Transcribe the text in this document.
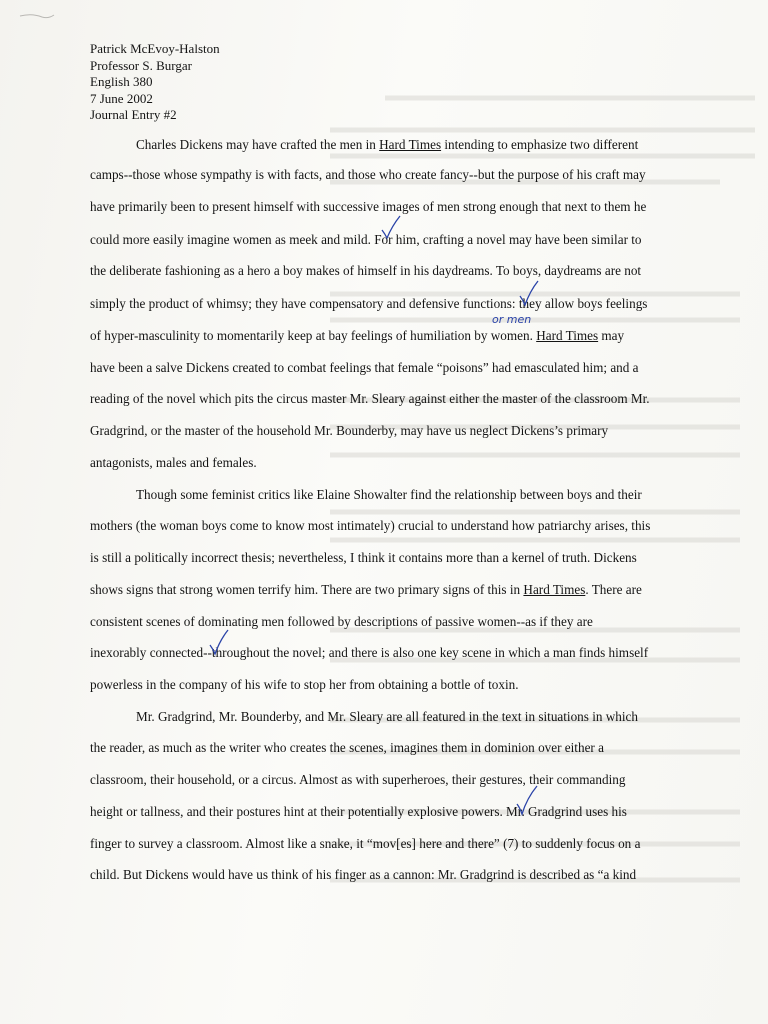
Patrick McEvoy-Halston
Professor S. Burgar
English 380
7 June 2002
Journal Entry #2
Charles Dickens may have crafted the men in Hard Times intending to emphasize two different
camps--those whose sympathy is with facts, and those who create fancy--but the purpose of his craft may
have primarily been to present himself with successive images of men strong enough that next to them he
could more easily imagine women as meek and mild. For him, crafting a novel may have been similar to
the deliberate fashioning as a hero a boy makes of himself in his daydreams. To boys, daydreams are not
simply the product of whimsy; they have compensatory and defensive functions: they allow boys feelings
of hyper-masculinity to momentarily keep at bay feelings of humiliation by women. Hard Times may
have been a salve Dickens created to combat feelings that female “poisons” had emasculated him; and a
reading of the novel which pits the circus master Mr. Sleary against either the master of the classroom Mr.
Gradgrind, or the master of the household Mr. Bounderby, may have us neglect Dickens’s primary
antagonists, males and females.
Though some feminist critics like Elaine Showalter find the relationship between boys and their
mothers (the woman boys come to know most intimately) crucial to understand how patriarchy arises, this
is still a politically incorrect thesis; nevertheless, I think it contains more than a kernel of truth. Dickens
shows signs that strong women terrify him. There are two primary signs of this in Hard Times. There are
consistent scenes of dominating men followed by descriptions of passive women--as if they are
inexorably connected--throughout the novel; and there is also one key scene in which a man finds himself
powerless in the company of his wife to stop her from obtaining a bottle of toxin.
Mr. Gradgrind, Mr. Bounderby, and Mr. Sleary are all featured in the text in situations in which
the reader, as much as the writer who creates the scenes, imagines them in dominion over either a
classroom, their household, or a circus. Almost as with superheroes, their gestures, their commanding
height or tallness, and their postures hint at their potentially explosive powers. Mr. Gradgrind uses his
finger to survey a classroom. Almost like a snake, it “mov[es] here and there” (7) to suddenly focus on a
child. But Dickens would have us think of his finger as a cannon: Mr. Gradgrind is described as “a kind
or men
